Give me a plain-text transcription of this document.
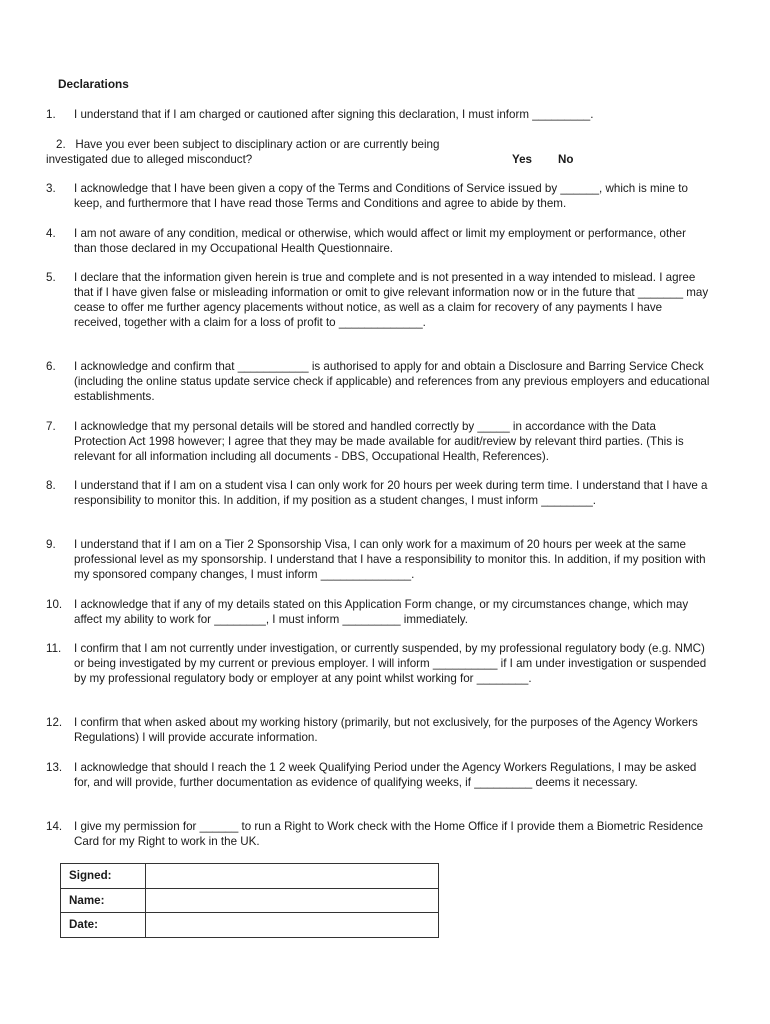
Declarations
1.	I understand that if I am charged or cautioned after signing this declaration, I must inform _________.
2. Have you ever been subject to disciplinary action or are currently being
investigated due to alleged misconduct?	Yes No
3.	I acknowledge that I have been given a copy of the Terms and Conditions of Service issued by ______, which is mine to keep, and furthermore that I have read those Terms and Conditions and agree to abide by them.
4.	I am not aware of any condition, medical or otherwise, which would affect or limit my employment or performance, other than those declared in my Occupational Health Questionnaire.
5.	I declare that the information given herein is true and complete and is not presented in a way intended to mislead. I agree that if I have given false or misleading information or omit to give relevant information now or in the future that _______ may cease to offer me further agency placements without notice, as well as a claim for recovery of any payments I have received, together with a claim for a loss of profit to _____________.
6.	I acknowledge and confirm that ___________ is authorised to apply for and obtain a Disclosure and Barring Service Check (including the online status update service check if applicable) and references from any previous employers and educational establishments.
7.	I acknowledge that my personal details will be stored and handled correctly by _____ in accordance with the Data Protection Act 1998 however; I agree that they may be made available for audit/review by relevant third parties. (This is relevant for all information including all documents - DBS, Occupational Health, References).
8.	I understand that if I am on a student visa I can only work for 20 hours per week during term time. I understand that I have a responsibility to monitor this. In addition, if my position as a student changes, I must inform ________.
9.	I understand that if I am on a Tier 2 Sponsorship Visa, I can only work for a maximum of 20 hours per week at the same professional level as my sponsorship. I understand that I have a responsibility to monitor this. In addition, if my position with my sponsored company changes, I must inform ______________.
10.	I acknowledge that if any of my details stated on this Application Form change, or my circumstances change, which may affect my ability to work for ________, I must inform _________ immediately.
11.	I confirm that I am not currently under investigation, or currently suspended, by my professional regulatory body (e.g. NMC) or being investigated by my current or previous employer. I will inform __________ if I am under investigation or suspended by my professional regulatory body or employer at any point whilst working for ________.
12.	I confirm that when asked about my working history (primarily, but not exclusively, for the purposes of the Agency Workers Regulations) I will provide accurate information.
13.	I acknowledge that should I reach the 1 2 week Qualifying Period under the Agency Workers Regulations, I may be asked for, and will provide, further documentation as evidence of qualifying weeks, if _________ deems it necessary.
14.	I give my permission for ______ to run a Right to Work check with the Home Office if I provide them a Biometric Residence Card for my Right to work in the UK.
Signed:	
Name:	
Date:	
